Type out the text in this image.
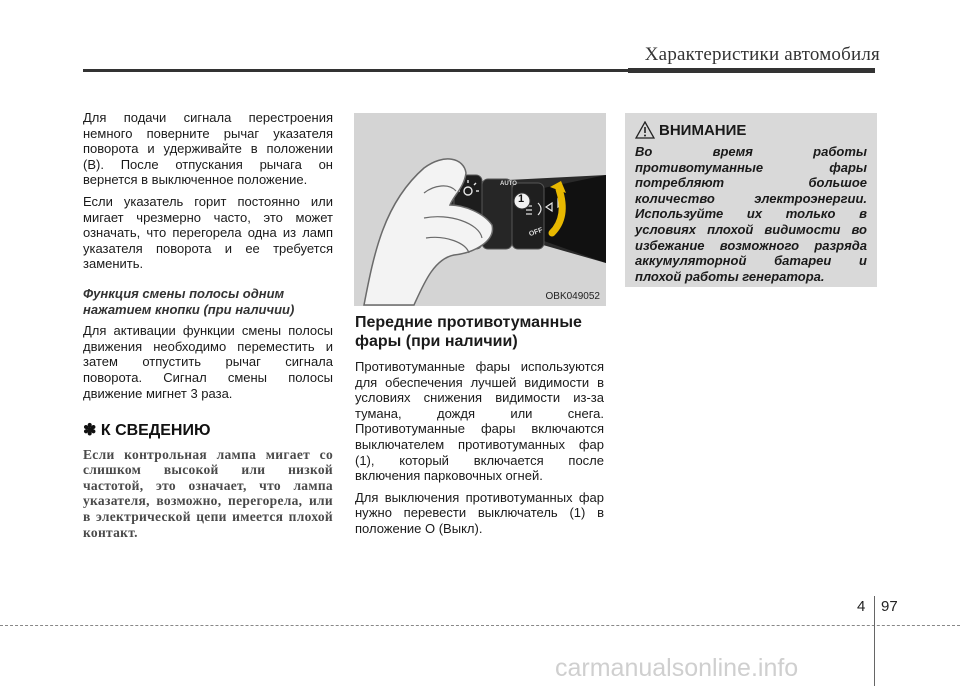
Характеристики автомобиля

Для подачи сигнала перестроения немного поверните рычаг указателя поворота и удерживайте в положении (B). После отпускания рычага он вернется в выключенное положение.

Если указатель горит постоянно или мигает чрезмерно часто, это может означать, что перегорела одна из ламп указателя поворота и ее требуется заменить.

Функция смены полосы одним нажатием кнопки (при наличии)

Для активации функции смены полосы движения необходимо переместить и затем отпустить рычаг сигнала поворота. Сигнал смены полосы движение мигнет 3 раза.

✽ К СВЕДЕНИЮ
Если контрольная лампа мигает со слишком высокой или низкой частотой, это означает, что лампа указателя, возможно, перегорела, или в электрической цепи имеется плохой контакт.
1
AUTO
OFF
OBK049052
Передние противотуманные фары (при наличии)

Противотуманные фары используются для обеспечения лучшей видимости в условиях снижения видимости из-за тумана, дождя или снега. Противотуманные фары включаются выключателем противотуманных фар (1), который включается после включения парковочных огней.

Для выключения противотуманных фар нужно перевести выключатель (1) в положение О (Выкл).

ВНИМАНИЕ
Во время работы противотуманные фары потребляют большое количество электроэнергии. Используйте их только в условиях плохой видимости во избежание возможного разряда аккумуляторной батареи и плохой работы генератора.
4 97
carmanualsonline.info
